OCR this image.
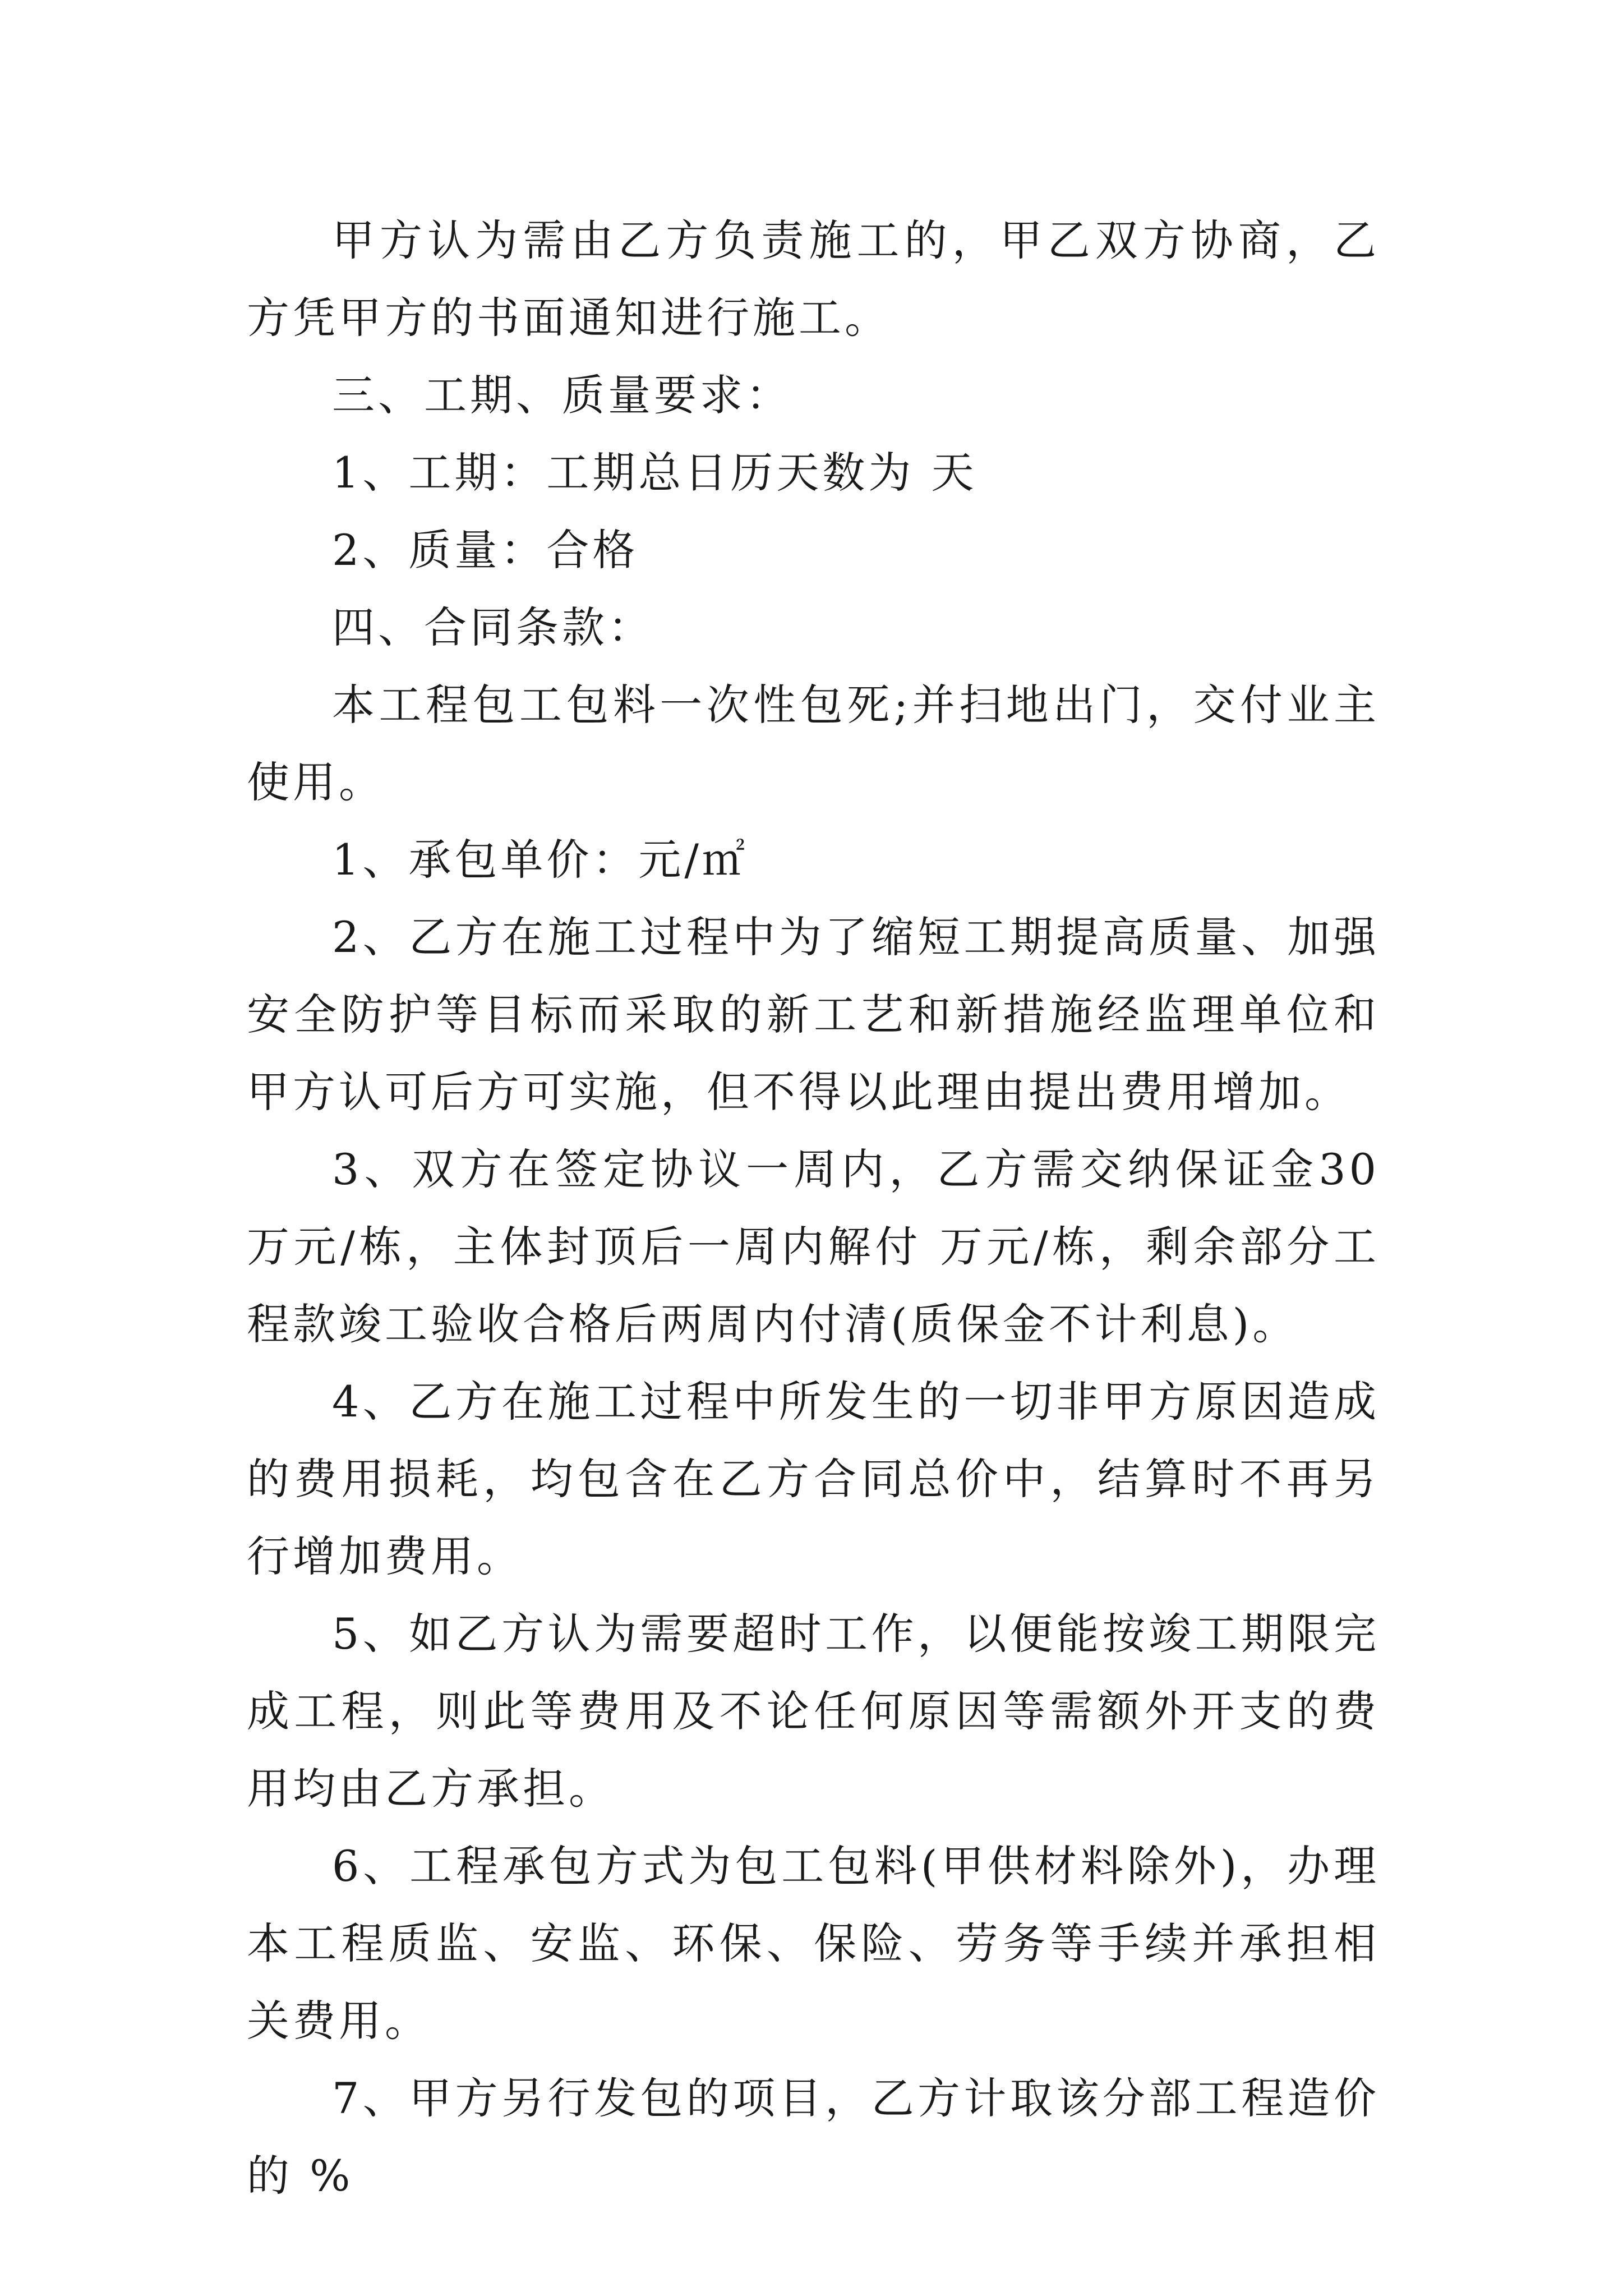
甲方认为需由乙方负责施工的，甲乙双方协商，乙方凭甲方的书面通知进行施工。

三、工期、质量要求：

1、工期：工期总日历天数为 天

2、质量：合格

四、合同条款：

本工程包工包料一次性包死;并扫地出门，交付业主使用。

1、承包单价：元/㎡

2、乙方在施工过程中为了缩短工期提高质量、加强安全防护等目标而采取的新工艺和新措施经监理单位和甲方认可后方可实施，但不得以此理由提出费用增加。

3、双方在签定协议一周内，乙方需交纳保证金30万元/栋，主体封顶后一周内解付 万元/栋，剩余部分工程款竣工验收合格后两周内付清(质保金不计利息)。

4、乙方在施工过程中所发生的一切非甲方原因造成的费用损耗，均包含在乙方合同总价中，结算时不再另行增加费用。

5、如乙方认为需要超时工作，以便能按竣工期限完成工程，则此等费用及不论任何原因等需额外开支的费用均由乙方承担。

6、工程承包方式为包工包料(甲供材料除外)，办理本工程质监、安监、环保、保险、劳务等手续并承担相关费用。

7、甲方另行发包的项目，乙方计取该分部工程造价的 %
